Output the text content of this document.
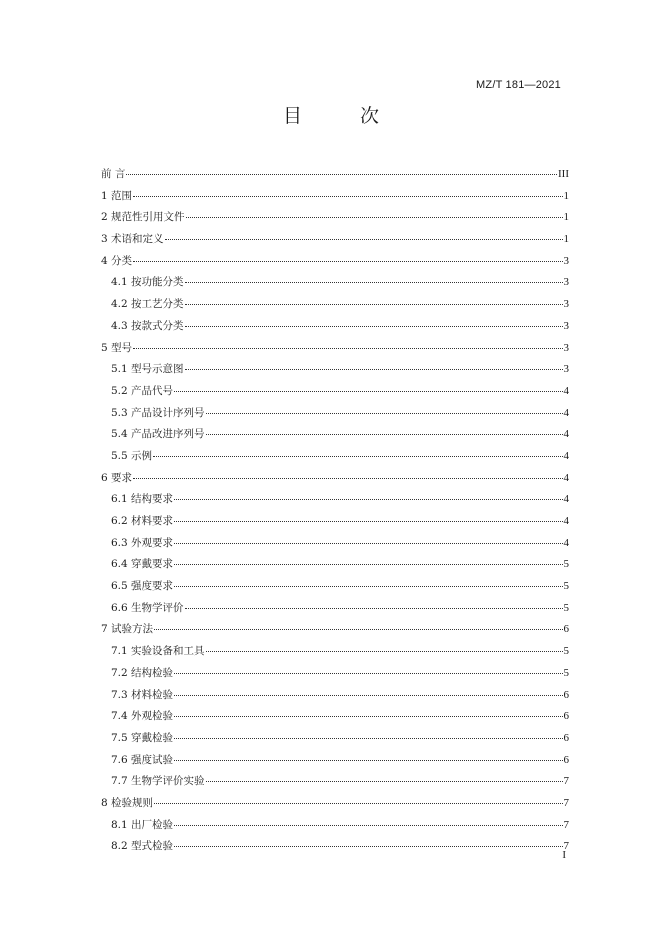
MZ/T 181—2021
目 次
前 言	III
1 范围	1
2 规范性引用文件	1
3 术语和定义	1
4 分类	3
4.1 按功能分类	3
4.2 按工艺分类	3
4.3 按款式分类	3
5 型号	3
5.1 型号示意图	3
5.2 产品代号	4
5.3 产品设计序列号	4
5.4 产品改进序列号	4
5.5 示例	4
6 要求	4
6.1 结构要求	4
6.2 材料要求	4
6.3 外观要求	4
6.4 穿戴要求	5
6.5 强度要求	5
6.6 生物学评价	5
7 试验方法	6
7.1 实验设备和工具	5
7.2 结构检验	5
7.3 材料检验	6
7.4 外观检验	6
7.5 穿戴检验	6
7.6 强度试验	6
7.7 生物学评价实验	7
8 检验规则	7
8.1 出厂检验	7
8.2 型式检验	7
I
